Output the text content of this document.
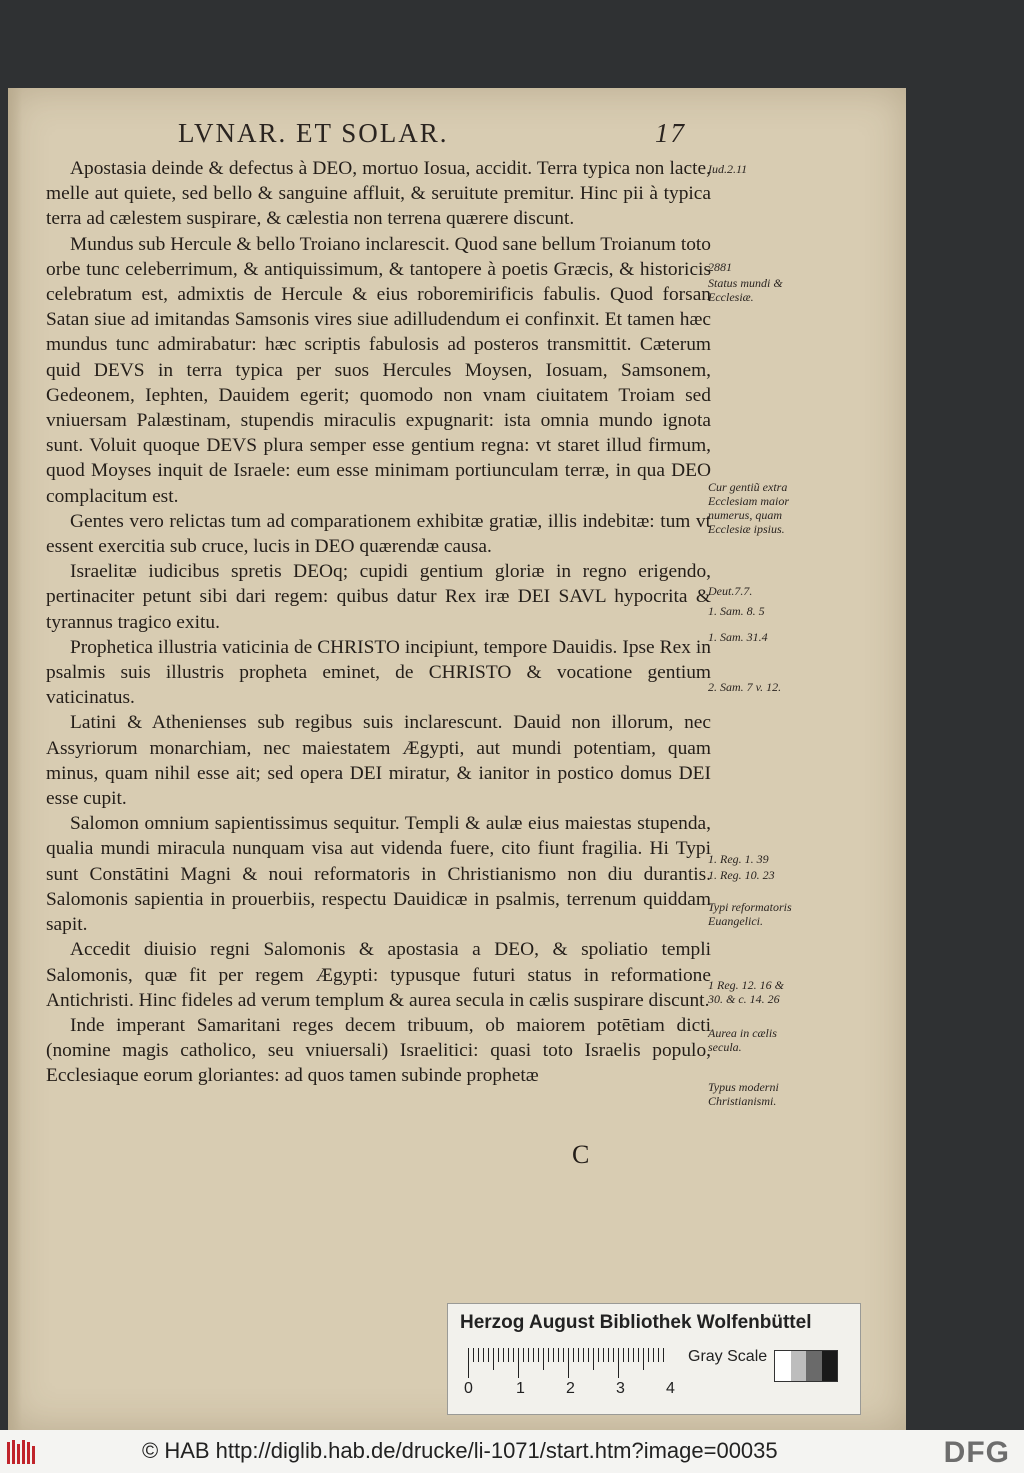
LVNAR. ET SOLAR.	17

Apostasia deinde & defectus à DEO, mortuo Iosua, accidit. Terra typica non lacte, melle aut quiete, sed bello & sanguine affluit, & seruitute premitur. Hinc pii à typica terra ad cælestem suspirare, & cælestia non terrena quærere discunt.

Mundus sub Hercule & bello Troiano inclarescit. Quod sane bellum Troianum toto orbe tunc celeberrimum, & antiquissimum, & tantopere à poetis Græcis, & historicis celebratum est, admixtis de Hercule & eius roboremirificis fabulis. Quod forsan Satan siue ad imitandas Samsonis vires siue adilludendum ei confinxit. Et tamen hæc mundus tunc admirabatur: hæc scriptis fabulosis ad posteros transmittit. Cæterum quid DEVS in terra typica per suos Hercules Moysen, Iosuam, Samsonem, Gedeonem, Iephten, Dauidem egerit; quomodo non vnam ciuitatem Troiam sed vniuersam Palæstinam, stupendis miraculis expugnarit: ista omnia mundo ignota sunt. Voluit quoque DEVS plura semper esse gentium regna: vt staret illud firmum, quod Moyses inquit de Israele: eum esse minimam portiunculam terræ, in qua DEO complacitum est.

Gentes vero relictas tum ad comparationem exhibitæ gratiæ, illis indebitæ: tum vt essent exercitia sub cruce, lucis in DEO quærendæ causa.

Israelitæ iudicibus spretis DEOq; cupidi gentium gloriæ in regno erigendo, pertinaciter petunt sibi dari regem: quibus datur Rex iræ DEI SAVL hypocrita & tyrannus tragico exitu.

Prophetica illustria vaticinia de CHRISTO incipiunt, tempore Dauidis. Ipse Rex in psalmis suis illustris propheta eminet, de CHRISTO & vocatione gentium vaticinatus.

Latini & Athenienses sub regibus suis inclarescunt. Dauid non illorum, nec Assyriorum monarchiam, nec maiestatem Ægypti, aut mundi potentiam, quam minus, quam nihil esse ait; sed opera DEI miratur, & ianitor in postico domus DEI esse cupit.

Salomon omnium sapientissimus sequitur. Templi & aulæ eius maiestas stupenda, qualia mundi miracula nunquam visa aut videnda fuere, cito fiunt fragilia. Hi Typi sunt Constātini Magni & noui reformatoris in Christianismo non diu durantis. Salomonis sapientia in prouerbiis, respectu Dauidicæ in psalmis, terrenum quiddam sapit.

Accedit diuisio regni Salomonis & apostasia a DEO, & spoliatio templi Salomonis, quæ fit per regem Ægypti: typusque futuri status in reformatione Antichristi. Hinc fideles ad verum templum & aurea secula in cælis suspirare discunt.

Inde imperant Samaritani reges decem tribuum, ob maiorem potētiam dicti (nomine magis catholico, seu vniuersali) Israelitici: quasi toto Israelis populo, Ecclesiaque eorum gloriantes: ad quos tamen subinde prophetæ

Iud.2.11
2881
Status mundi & Ecclesiæ.
Cur gentiũ extra Ecclesiam maior numerus, quam Ecclesiæ ipsius.
Deut.7.7.
1. Sam. 8. 5
1. Sam. 31.4
2. Sam. 7 v. 12.
1. Reg. 1. 39
1. Reg. 10. 23
Typi reformatoris Euangelici.
1 Reg. 12. 16 & 30. & c. 14. 26
Aurea in cælis secula.
Typus moderni Christianismi.
C
Herzog August Bibliothek Wolfenbüttel
0	1	2	3	4
Gray Scale
© HAB http://diglib.hab.de/drucke/li-1071/start.htm?image=00035	DFG
